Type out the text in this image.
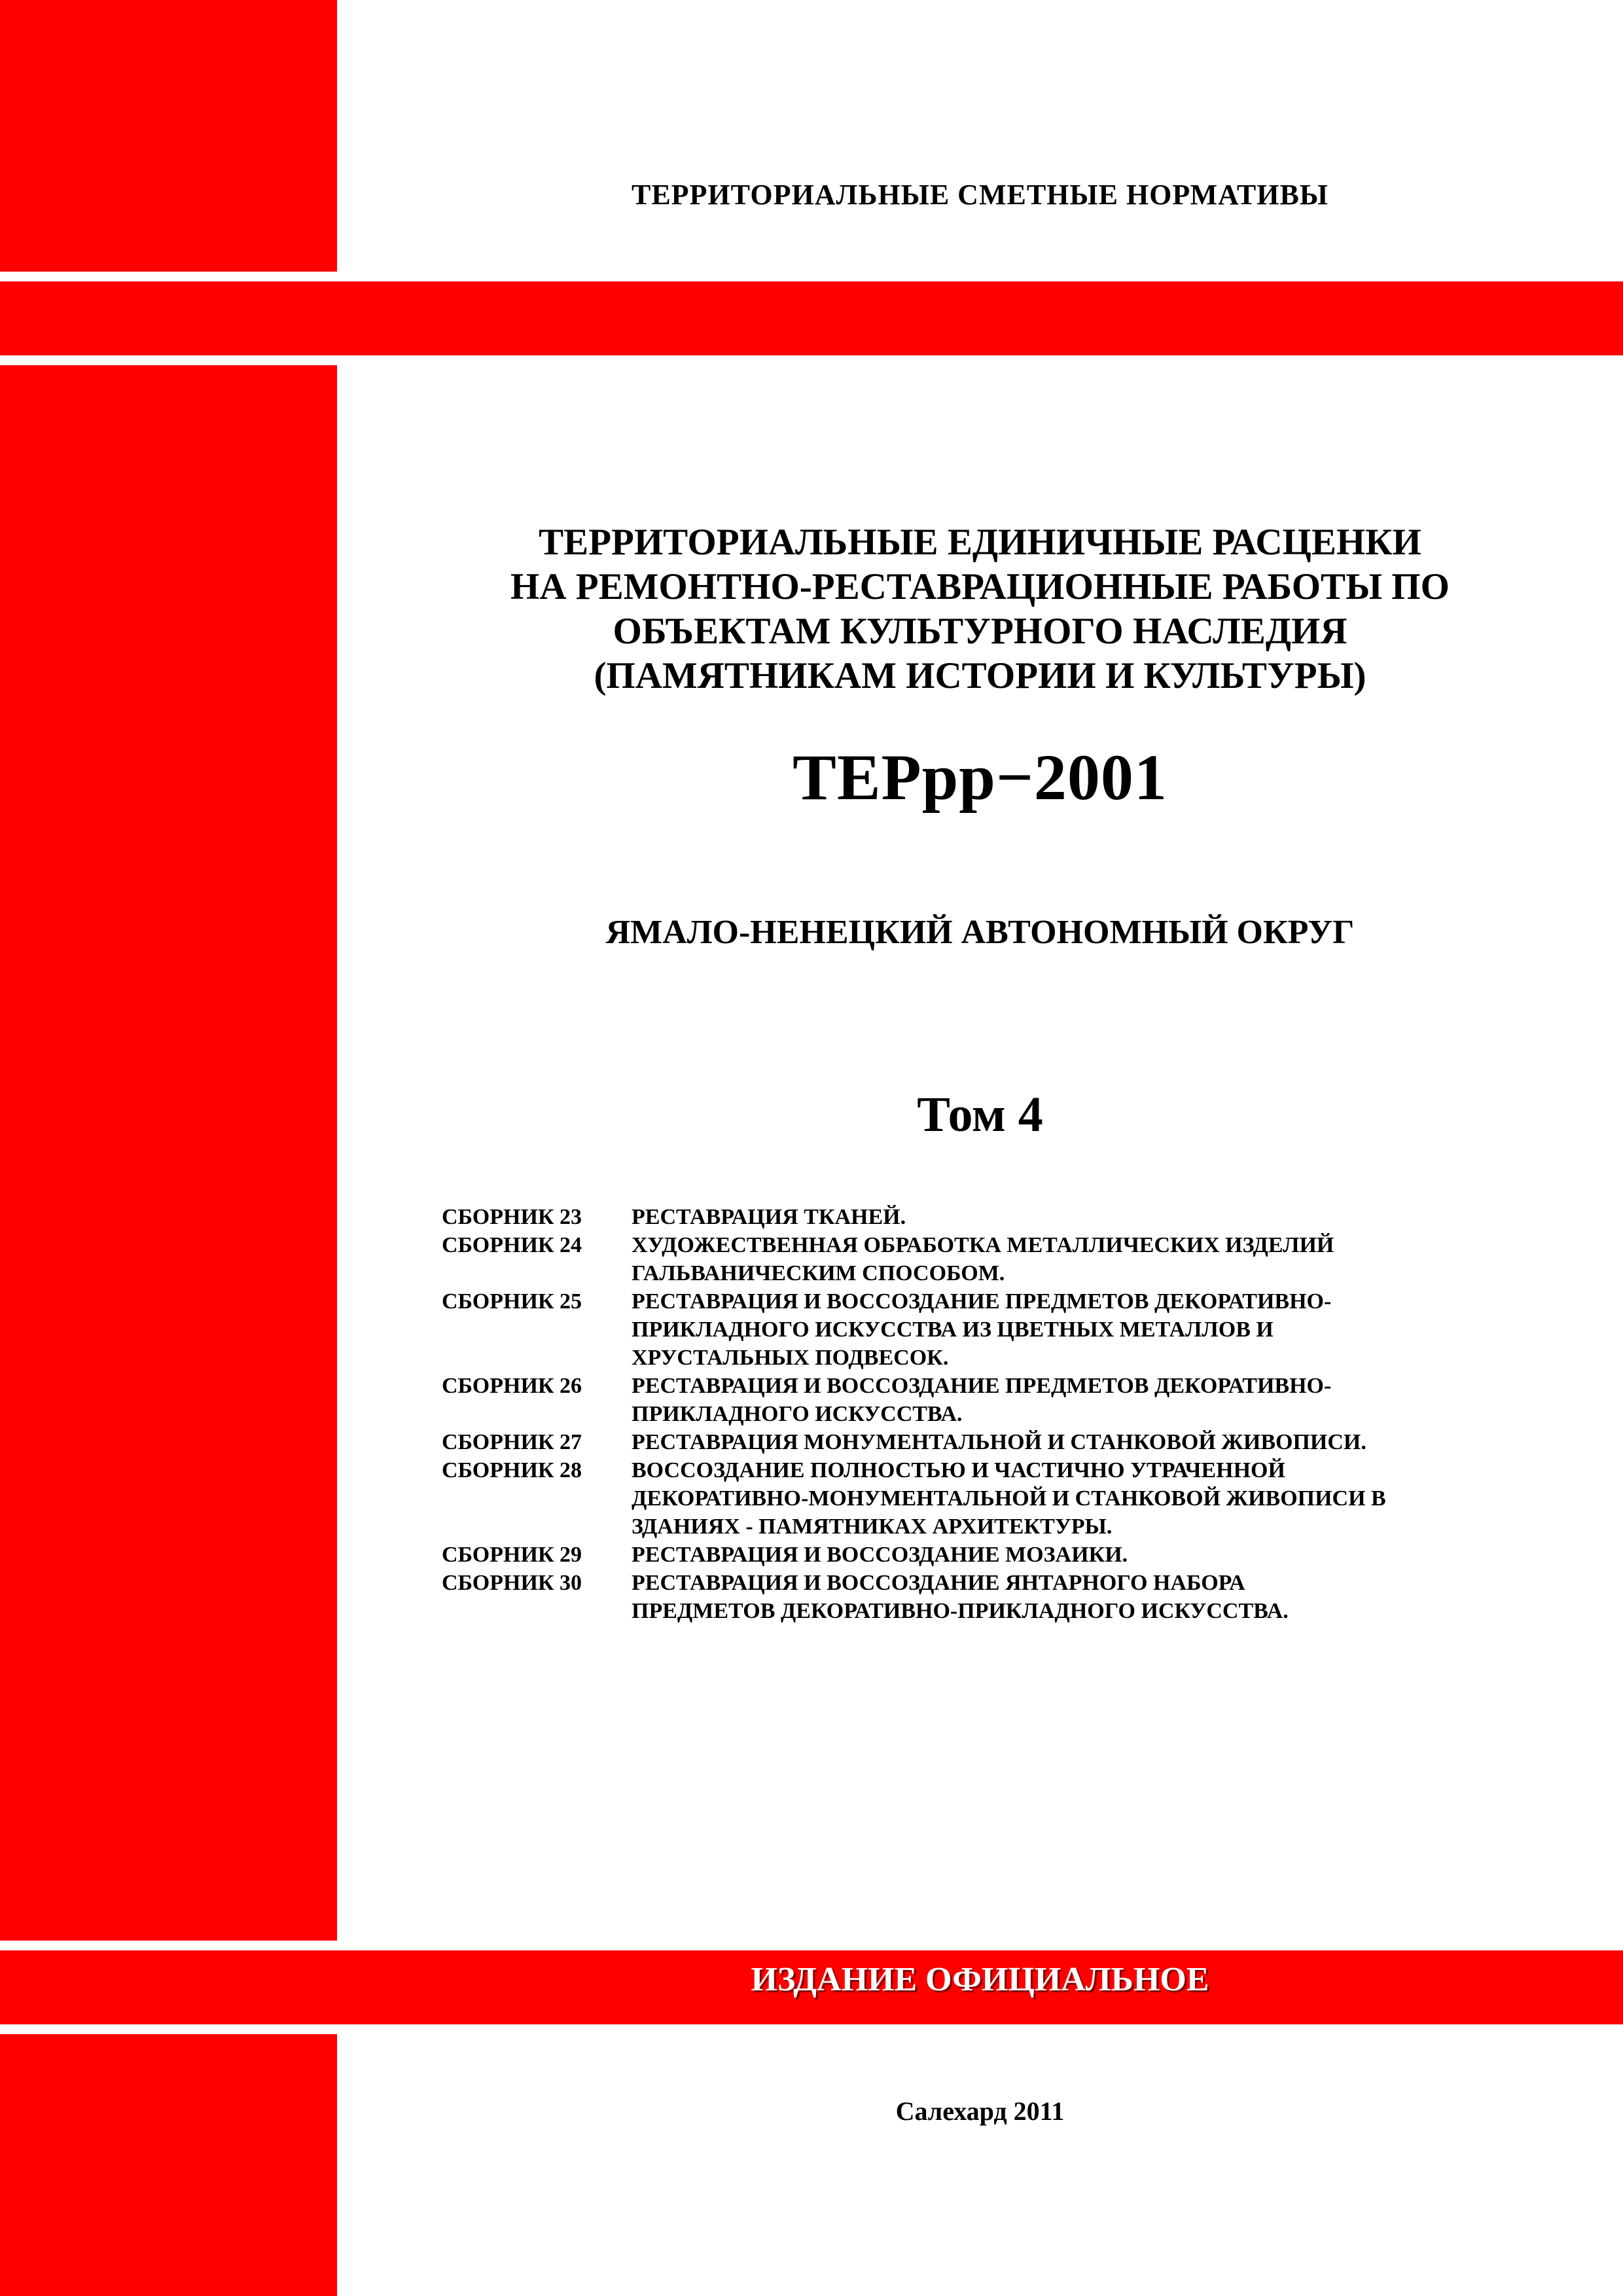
ТЕРРИТОРИАЛЬНЫЕ СМЕТНЫЕ НОРМАТИВЫ
ТЕРРИТОРИАЛЬНЫЕ ЕДИНИЧНЫЕ РАСЦЕНКИ
НА РЕМОНТНО-РЕСТАВРАЦИОННЫЕ РАБОТЫ ПО
ОБЪЕКТАМ КУЛЬТУРНОГО НАСЛЕДИЯ
(ПАМЯТНИКАМ ИСТОРИИ И КУЛЬТУРЫ)
ТЕРрр−2001
ЯМАЛО-НЕНЕЦКИЙ АВТОНОМНЫЙ ОКРУГ
Том 4
СБОРНИК 23	РЕСТАВРАЦИЯ ТКАНЕЙ.
СБОРНИК 24	ХУДОЖЕСТВЕННАЯ ОБРАБОТКА МЕТАЛЛИЧЕСКИХ ИЗДЕЛИЙ
ГАЛЬВАНИЧЕСКИМ СПОСОБОМ.
СБОРНИК 25	РЕСТАВРАЦИЯ И ВОССОЗДАНИЕ ПРЕДМЕТОВ ДЕКОРАТИВНО-
ПРИКЛАДНОГО ИСКУССТВА ИЗ ЦВЕТНЫХ МЕТАЛЛОВ И
ХРУСТАЛЬНЫХ ПОДВЕСОК.
СБОРНИК 26	РЕСТАВРАЦИЯ И ВОССОЗДАНИЕ ПРЕДМЕТОВ ДЕКОРАТИВНО-
ПРИКЛАДНОГО ИСКУССТВА.
СБОРНИК 27	РЕСТАВРАЦИЯ МОНУМЕНТАЛЬНОЙ И СТАНКОВОЙ ЖИВОПИСИ.
СБОРНИК 28	ВОССОЗДАНИЕ ПОЛНОСТЬЮ И ЧАСТИЧНО УТРАЧЕННОЙ
ДЕКОРАТИВНО-МОНУМЕНТАЛЬНОЙ И СТАНКОВОЙ ЖИВОПИСИ В
ЗДАНИЯХ - ПАМЯТНИКАХ АРХИТЕКТУРЫ.
СБОРНИК 29	РЕСТАВРАЦИЯ И ВОССОЗДАНИЕ МОЗАИКИ.
СБОРНИК 30	РЕСТАВРАЦИЯ И ВОССОЗДАНИЕ ЯНТАРНОГО НАБОРА
ПРЕДМЕТОВ ДЕКОРАТИВНО-ПРИКЛАДНОГО ИСКУССТВА.
ИЗДАНИЕ ОФИЦИАЛЬНОЕ
Салехард 2011
